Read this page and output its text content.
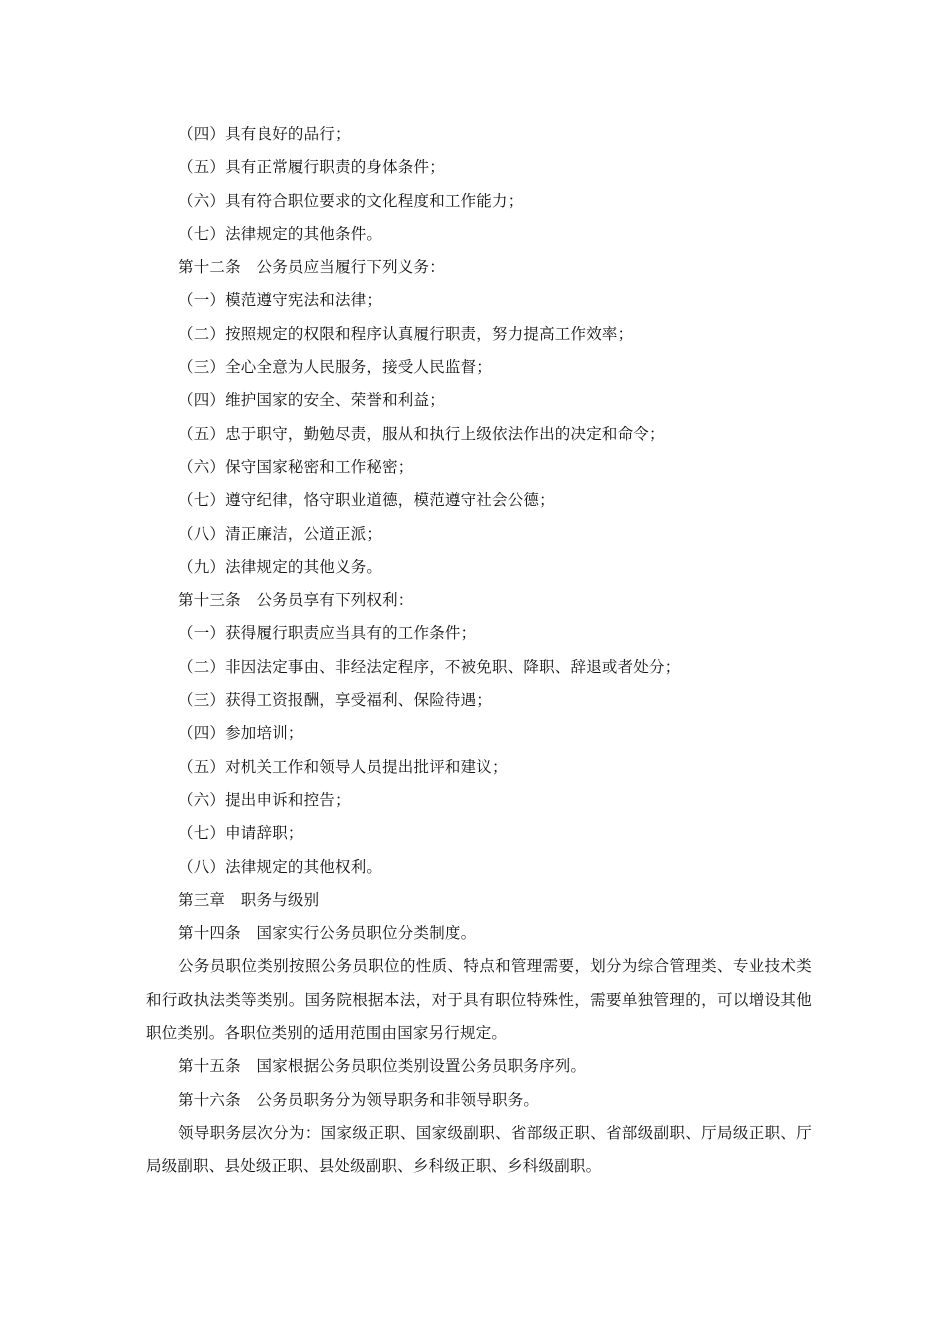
（四）具有良好的品行；

（五）具有正常履行职责的身体条件；

（六）具有符合职位要求的文化程度和工作能力；

（七）法律规定的其他条件。

第十二条　公务员应当履行下列义务：

（一）模范遵守宪法和法律；

（二）按照规定的权限和程序认真履行职责，努力提高工作效率；

（三）全心全意为人民服务，接受人民监督；

（四）维护国家的安全、荣誉和利益；

（五）忠于职守，勤勉尽责，服从和执行上级依法作出的决定和命令；

（六）保守国家秘密和工作秘密；

（七）遵守纪律，恪守职业道德，模范遵守社会公德；

（八）清正廉洁，公道正派；

（九）法律规定的其他义务。

第十三条　公务员享有下列权利：

（一）获得履行职责应当具有的工作条件；

（二）非因法定事由、非经法定程序，不被免职、降职、辞退或者处分；

（三）获得工资报酬，享受福利、保险待遇；

（四）参加培训；

（五）对机关工作和领导人员提出批评和建议；

（六）提出申诉和控告；

（七）申请辞职；

（八）法律规定的其他权利。

第三章　职务与级别

第十四条　国家实行公务员职位分类制度。

公务员职位类别按照公务员职位的性质、特点和管理需要，划分为综合管理类、专业技术类和行政执法类等类别。国务院根据本法，对于具有职位特殊性，需要单独管理的，可以增设其他职位类别。各职位类别的适用范围由国家另行规定。

第十五条　国家根据公务员职位类别设置公务员职务序列。

第十六条　公务员职务分为领导职务和非领导职务。

领导职务层次分为：国家级正职、国家级副职、省部级正职、省部级副职、厅局级正职、厅局级副职、县处级正职、县处级副职、乡科级正职、乡科级副职。
